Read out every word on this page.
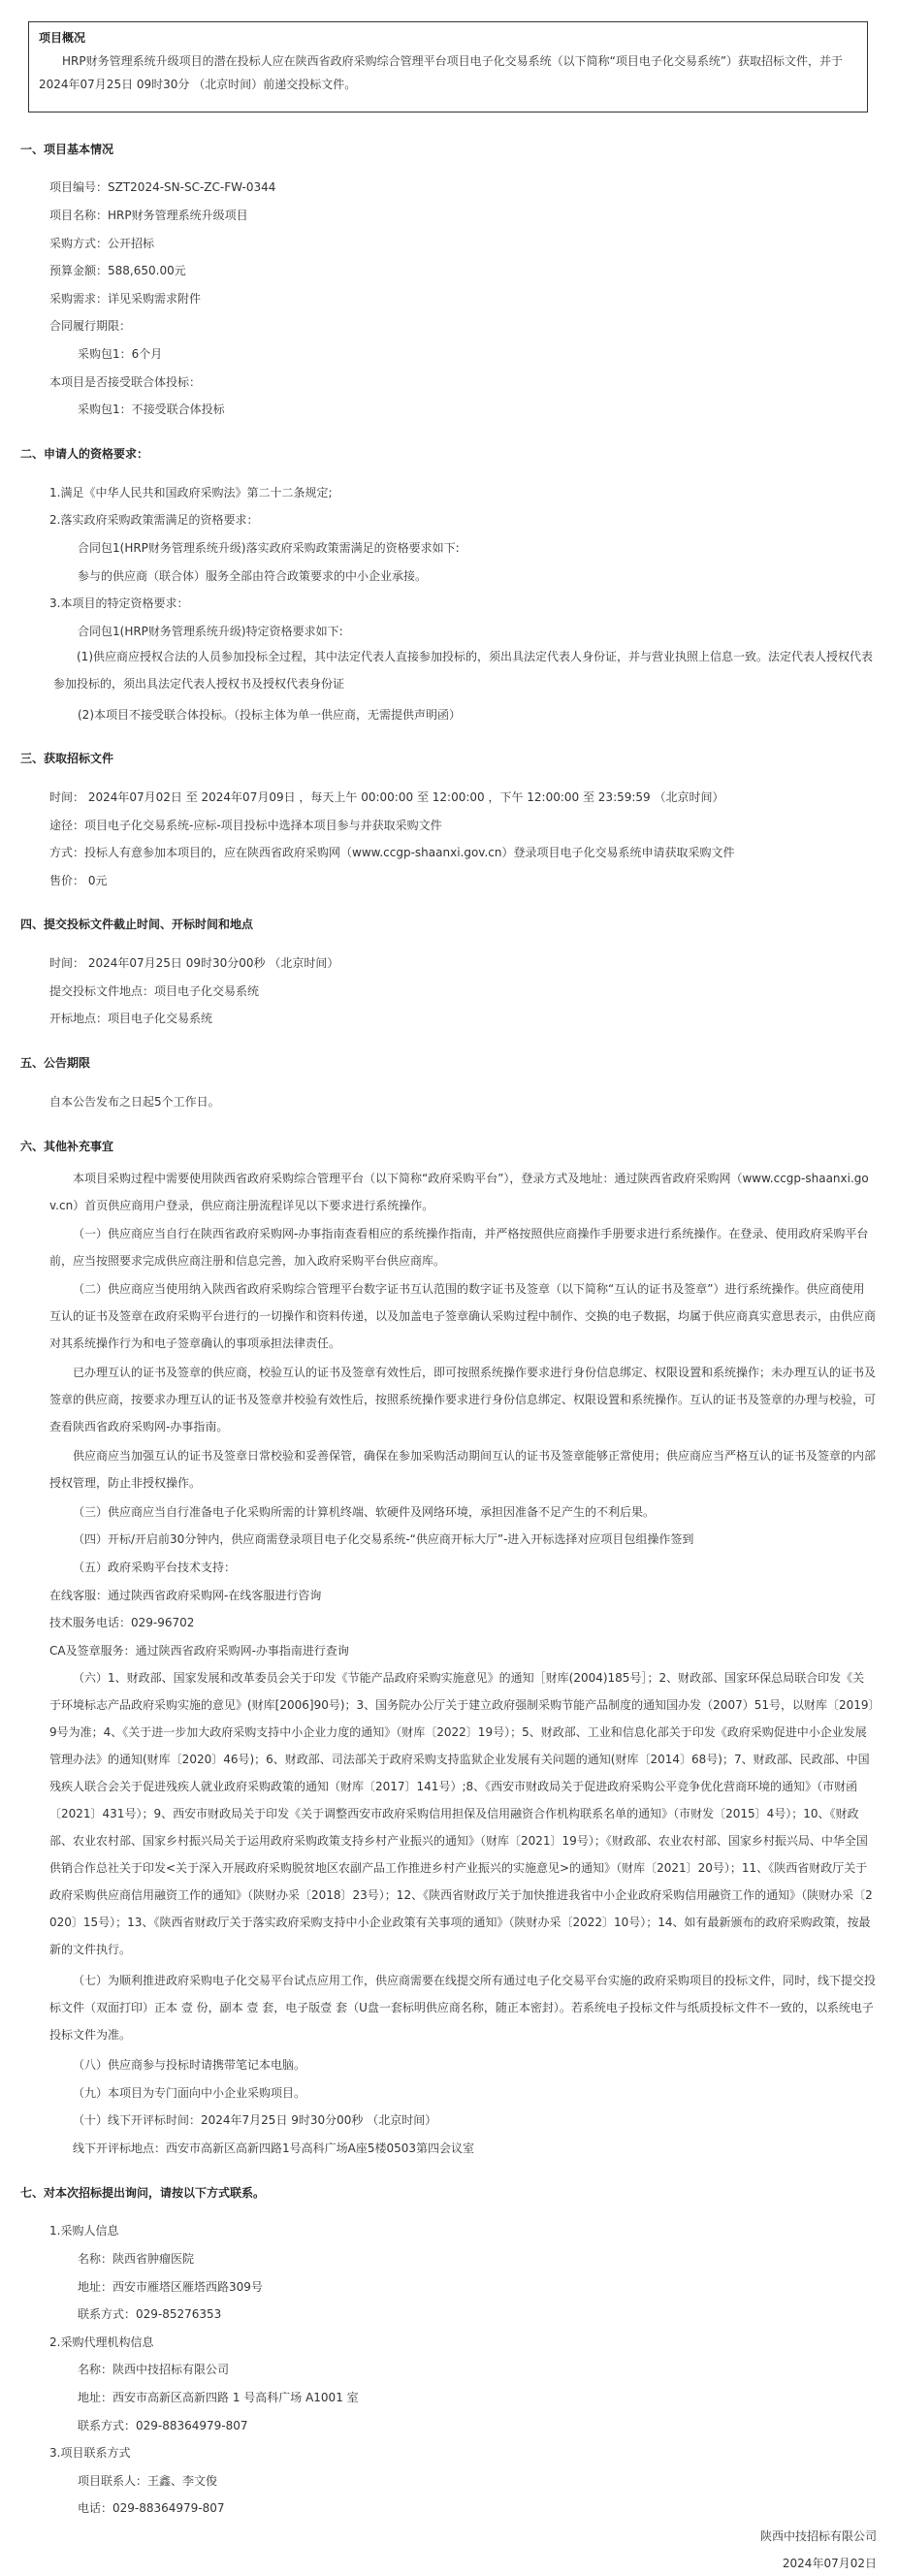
项目概况
HRP财务管理系统升级项目的潜在投标人应在陕西省政府采购综合管理平台项目电子化交易系统（以下简称“项目电子化交易系统”）获取招标文件，并于 2024年07月25日 09时30分 （北京时间）前递交投标文件。
一、项目基本情况
项目编号：SZT2024-SN-SC-ZC-FW-0344
项目名称：HRP财务管理系统升级项目
采购方式：公开招标
预算金额：588,650.00元
采购需求：详见采购需求附件
合同履行期限：
采购包1：6个月
本项目是否接受联合体投标：
采购包1：不接受联合体投标
二、申请人的资格要求：
1.满足《中华人民共和国政府采购法》第二十二条规定;
2.落实政府采购政策需满足的资格要求：
合同包1(HRP财务管理系统升级)落实政府采购政策需满足的资格要求如下:
参与的供应商（联合体）服务全部由符合政策要求的中小企业承接。
3.本项目的特定资格要求：
合同包1(HRP财务管理系统升级)特定资格要求如下:
(1)供应商应授权合法的人员参加投标全过程，其中法定代表人直接参加投标的，须出具法定代表人身份证，并与营业执照上信息一致。法定代表人授权代表参加投标的，须出具法定代表人授权书及授权代表身份证
(2)本项目不接受联合体投标。（投标主体为单一供应商，无需提供声明函）
三、获取招标文件
时间： 2024年07月02日 至 2024年07月09日 ，每天上午 00:00:00 至 12:00:00 ，下午 12:00:00 至 23:59:59 （北京时间）
途径：项目电子化交易系统-应标-项目投标中选择本项目参与并获取采购文件
方式：投标人有意参加本项目的，应在陕西省政府采购网（www.ccgp-shaanxi.gov.cn）登录项目电子化交易系统申请获取采购文件
售价： 0元
四、提交投标文件截止时间、开标时间和地点
时间： 2024年07月25日 09时30分00秒 （北京时间）
提交投标文件地点：项目电子化交易系统
开标地点：项目电子化交易系统
五、公告期限
自本公告发布之日起5个工作日。
六、其他补充事宜
本项目采购过程中需要使用陕西省政府采购综合管理平台（以下简称“政府采购平台”），登录方式及地址：通过陕西省政府采购网（www.ccgp-shaanxi.gov.cn）首页供应商用户登录，供应商注册流程详见以下要求进行系统操作。
（一）供应商应当自行在陕西省政府采购网-办事指南查看相应的系统操作指南，并严格按照供应商操作手册要求进行系统操作。在登录、使用政府采购平台前，应当按照要求完成供应商注册和信息完善，加入政府采购平台供应商库。
（二）供应商应当使用纳入陕西省政府采购综合管理平台数字证书互认范围的数字证书及签章（以下简称“互认的证书及签章”）进行系统操作。供应商使用互认的证书及签章在政府采购平台进行的一切操作和资料传递，以及加盖电子签章确认采购过程中制作、交换的电子数据，均属于供应商真实意思表示，由供应商对其系统操作行为和电子签章确认的事项承担法律责任。
已办理互认的证书及签章的供应商，校验互认的证书及签章有效性后，即可按照系统操作要求进行身份信息绑定、权限设置和系统操作；未办理互认的证书及签章的供应商，按要求办理互认的证书及签章并校验有效性后，按照系统操作要求进行身份信息绑定、权限设置和系统操作。互认的证书及签章的办理与校验，可查看陕西省政府采购网-办事指南。
供应商应当加强互认的证书及签章日常校验和妥善保管，确保在参加采购活动期间互认的证书及签章能够正常使用；供应商应当严格互认的证书及签章的内部授权管理，防止非授权操作。
（三）供应商应当自行准备电子化采购所需的计算机终端、软硬件及网络环境，承担因准备不足产生的不利后果。
（四）开标/开启前30分钟内，供应商需登录项目电子化交易系统-“供应商开标大厅”-进入开标选择对应项目包组操作签到
（五）政府采购平台技术支持：
在线客服：通过陕西省政府采购网-在线客服进行咨询
技术服务电话：029-96702
CA及签章服务：通过陕西省政府采购网-办事指南进行查询
（六）1、财政部、国家发展和改革委员会关于印发《节能产品政府采购实施意见》的通知［财库(2004)185号］；2、财政部、国家环保总局联合印发《关于环境标志产品政府采购实施的意见》(财库[2006]90号)；3、国务院办公厅关于建立政府强制采购节能产品制度的通知国办发（2007）51号，以财库〔2019〕9号为准；4、《关于进一步加大政府采购支持中小企业力度的通知》（财库〔2022〕19号）；5、财政部、工业和信息化部关于印发《政府采购促进中小企业发展管理办法》的通知(财库〔2020〕46号)；6、财政部、司法部关于政府采购支持监狱企业发展有关问题的通知(财库〔2014〕68号)；7、财政部、民政部、中国残疾人联合会关于促进残疾人就业政府采购政策的通知（财库〔2017〕141号）;8、《西安市财政局关于促进政府采购公平竞争优化营商环境的通知》（市财函〔2021〕431号）；9、西安市财政局关于印发《关于调整西安市政府采购信用担保及信用融资合作机构联系名单的通知》（市财发〔2015〕4号）；10、《财政部、农业农村部、国家乡村振兴局关于运用政府采购政策支持乡村产业振兴的通知》（财库〔2021〕19号）；《财政部、农业农村部、国家乡村振兴局、中华全国供销合作总社关于印发<关于深入开展政府采购脱贫地区农副产品工作推进乡村产业振兴的实施意见>的通知》（财库〔2021〕20号）；11、《陕西省财政厅关于政府采购供应商信用融资工作的通知》（陕财办采〔2018〕23号）；12、《陕西省财政厅关于加快推进我省中小企业政府采购信用融资工作的通知》（陕财办采〔2020〕15号）；13、《陕西省财政厅关于落实政府采购支持中小企业政策有关事项的通知》（陕财办采〔2022〕10号）；14、如有最新颁布的政府采购政策，按最新的文件执行。
（七）为顺利推进政府采购电子化交易平台试点应用工作，供应商需要在线提交所有通过电子化交易平台实施的政府采购项目的投标文件，同时，线下提交投标文件（双面打印）正本 壹 份，副本 壹 套，电子版壹 套（U盘一套标明供应商名称，随正本密封）。若系统电子投标文件与纸质投标文件不一致的，以系统电子投标文件为准。
（八）供应商参与投标时请携带笔记本电脑。
（九）本项目为专门面向中小企业采购项目。
（十）线下开评标时间：2024年7月25日 9时30分00秒 （北京时间）
线下开评标地点：西安市高新区高新四路1号高科广场A座5楼0503第四会议室
七、对本次招标提出询问，请按以下方式联系。
1.采购人信息
名称：陕西省肿瘤医院
地址：西安市雁塔区雁塔西路309号
联系方式：029-85276353
2.采购代理机构信息
名称：陕西中技招标有限公司
地址：西安市高新区高新四路 1 号高科广场 A1001 室
联系方式：029-88364979-807
3.项目联系方式
项目联系人：王鑫、李文俊
电话：029-88364979-807
陕西中技招标有限公司
2024年07月02日
